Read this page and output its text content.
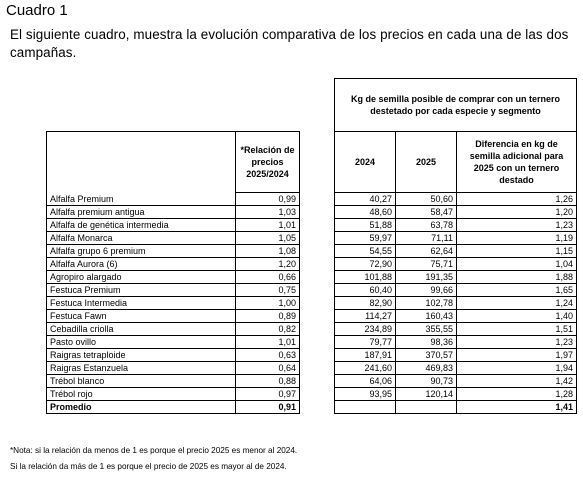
Cuadro 1
El siguiente cuadro, muestra la evolución comparativa de los precios en cada una de las dos campañas.
			Kg de semilla posible de comprar con un ternero destetado por cada especie y segmento		
	*Relación de precios 2025/2024		2024	2025	Diferencia en kg de semilla adicional para 2025 con un ternero destado
Alfalfa Premium	0,99		40,27	50,60	1,26
Alfalfa premium antigua	1,03		48,60	58,47	1,20
Alfalfa de genética intermedia	1,01		51,88	63,78	1,23
Alfalfa Monarca	1,05		59,97	71,11	1,19
Alfalfa grupo 6 premium	1,08		54,55	62,64	1,15
Alfalfa Aurora (6)	1,20		72,90	75,71	1,04
Agropiro alargado	0,66		101,88	191,35	1,88
Festuca Premium	0,75		60,40	99,66	1,65
Festuca Intermedia	1,00		82,90	102,78	1,24
Festuca Fawn	0,89		114,27	160,43	1,40
Cebadilla criolla	0,82		234,89	355,55	1,51
Pasto ovillo	1,01		79,77	98,36	1,23
Raigras tetraploide	0,63		187,91	370,57	1,97
Raigras Estanzuela	0,64		241,60	469,83	1,94
Trébol blanco	0,88		64,06	90,73	1,42
Trébol rojo	0,97		93,95	120,14	1,28
Promedio	0,91				1,41
*Nota: si la relación da menos de 1 es porque el precio 2025 es menor al 2024.
Si la relación da más de 1 es porque el precio de 2025 es mayor al de 2024.
